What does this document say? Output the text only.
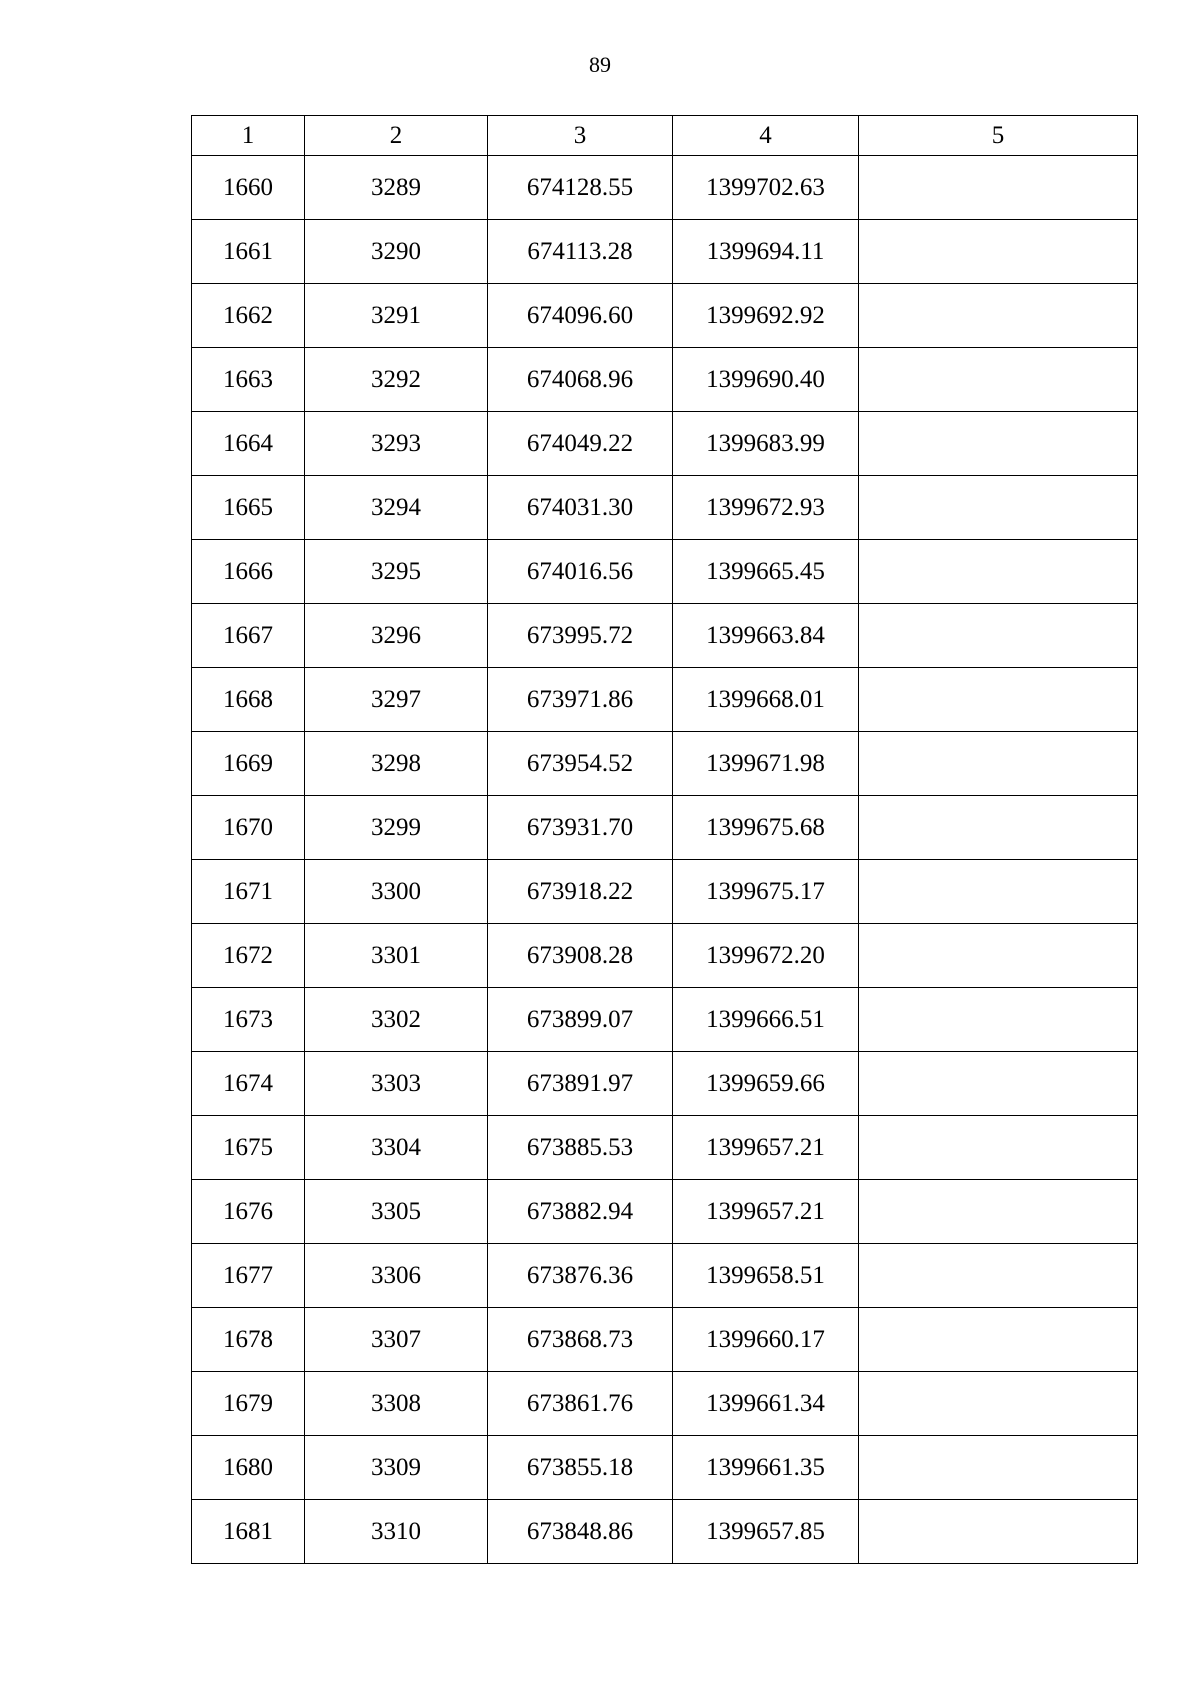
89
1	2	3	4	5
1660	3289	674128.55	1399702.63	
1661	3290	674113.28	1399694.11	
1662	3291	674096.60	1399692.92	
1663	3292	674068.96	1399690.40	
1664	3293	674049.22	1399683.99	
1665	3294	674031.30	1399672.93	
1666	3295	674016.56	1399665.45	
1667	3296	673995.72	1399663.84	
1668	3297	673971.86	1399668.01	
1669	3298	673954.52	1399671.98	
1670	3299	673931.70	1399675.68	
1671	3300	673918.22	1399675.17	
1672	3301	673908.28	1399672.20	
1673	3302	673899.07	1399666.51	
1674	3303	673891.97	1399659.66	
1675	3304	673885.53	1399657.21	
1676	3305	673882.94	1399657.21	
1677	3306	673876.36	1399658.51	
1678	3307	673868.73	1399660.17	
1679	3308	673861.76	1399661.34	
1680	3309	673855.18	1399661.35	
1681	3310	673848.86	1399657.85	
